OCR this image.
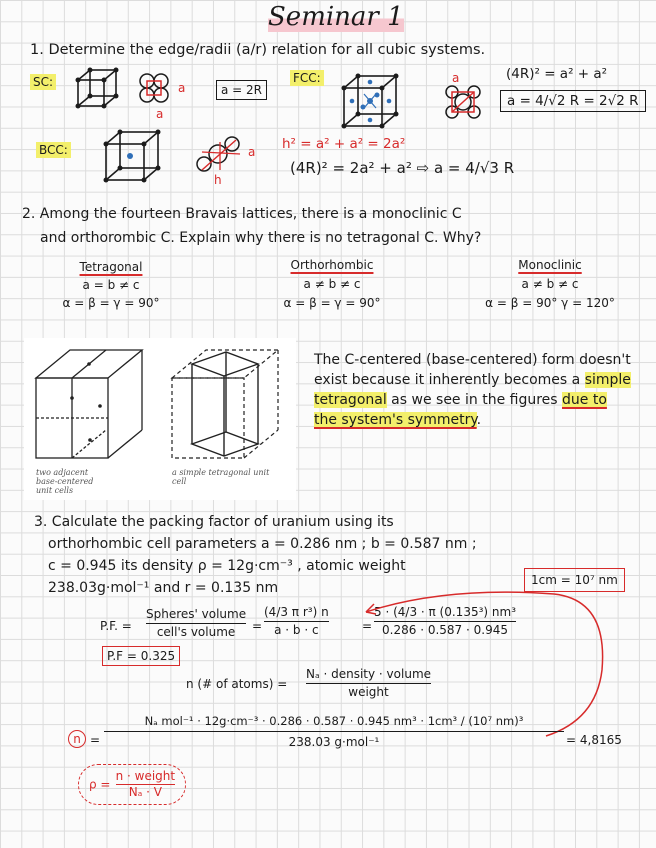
Seminar 1
1. Determine the edge/radii (a/r) relation for all cubic systems.
SC:	a
a
a = 2R
FCC:	a	(4R)² = a² + a²
a = 4/√2 R = 2√2 R
BCC:	a
h
h² = a² + a² = 2a²
(4R)² = 2a² + a² ⇨ a = 4/√3 R
2. Among the fourteen Bravais lattices, there is a monoclinic C
and orthorombic C. Explain why there is no tetragonal C. Why?
Tetragonal
a = b ≠ c
α = β = γ = 90°
Orthorhombic
a ≠ b ≠ c
α = β = γ = 90°
Monoclinic
a ≠ b ≠ c
α = β = 90° γ = 120°
two adjacent base-centered unit cells
a simple tetragonal unit cell
The C-centered (base-centered) form doesn't exist because it inherently becomes a simple tetragonal as we see in the figures due to the system's symmetry.
3. Calculate the packing factor of uranium using its
orthorhombic cell parameters a = 0.286 nm ; b = 0.587 nm ;
c = 0.945 its density ρ = 12g·cm⁻³ , atomic weight
238.03g·mol⁻¹ and r = 0.135 nm	1cm = 10⁷ nm
P.F. =
Spheres' volume
cell's volume	= $\frac{\text{(4/3 π r³) n}}{a \cdot b \cdot c}$	= $\frac{\text{5 · (4/3 · π (0.135³) nm³}}{0.286 \cdot 0.587 \cdot 0.945}$
P.F = 0.325
n (# of atoms) =
Nₐ · density · volume
weight
n =
Nₐ mol⁻¹ · 12g·cm⁻³ · 0.286 · 0.587 · 0.945 nm³ · 1cm³ / (10⁷ nm)³
238.03 g·mol⁻¹	= 4,8165
ρ =
n · weight
Nₐ · V
